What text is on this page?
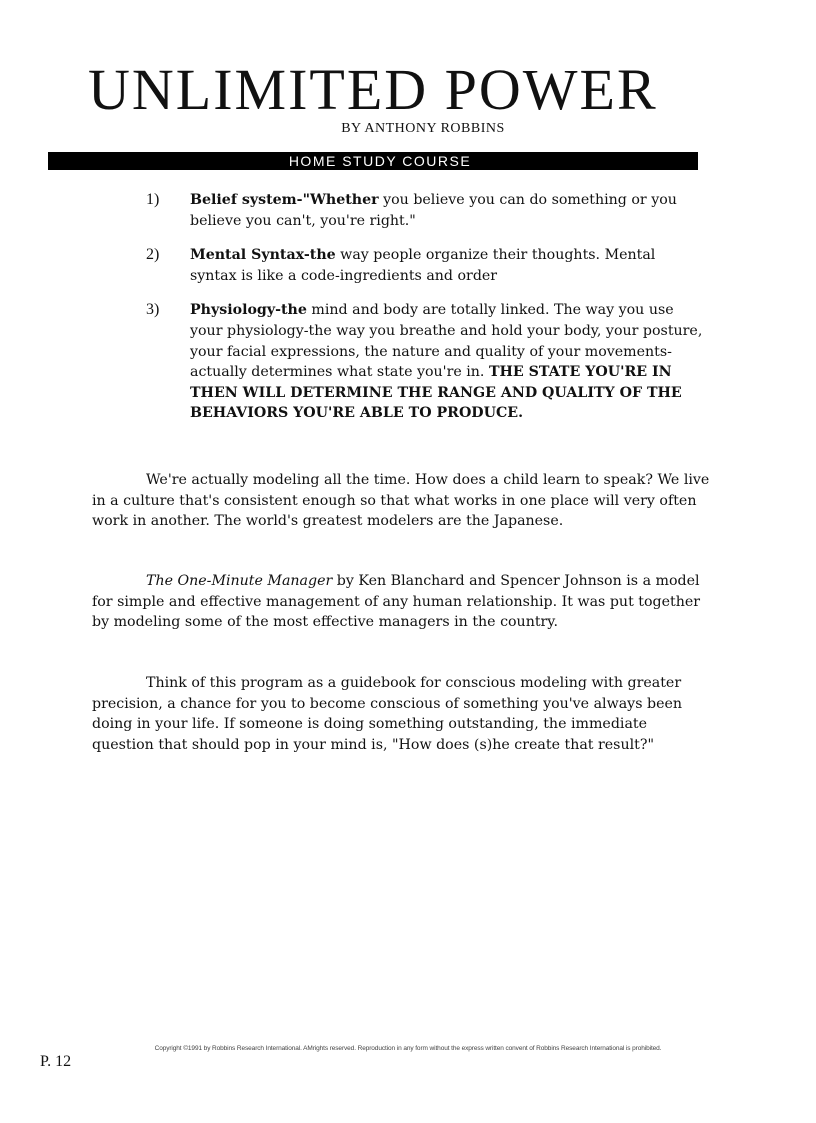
UNLIMITED POWER
BY ANTHONY ROBBINS
HOME STUDY COURSE
1) Belief system-"Whether you believe you can do something or you believe you can't, you're right."
2) Mental Syntax-the way people organize their thoughts. Mental syntax is like a code-ingredients and order
3) Physiology-the mind and body are totally linked. The way you use your physiology-the way you breathe and hold your body, your posture, your facial expressions, the nature and quality of your movements-actually determines what state you're in. THE STATE YOU'RE IN THEN WILL DETERMINE THE RANGE AND QUALITY OF THE BEHAVIORS YOU'RE ABLE TO PRODUCE.

We're actually modeling all the time. How does a child learn to speak? We live in a culture that's consistent enough so that what works in one place will very often work in another. The world's greatest modelers are the Japanese.

The One-Minute Manager by Ken Blanchard and Spencer Johnson is a model for simple and effective management of any human relationship. It was put together by modeling some of the most effective managers in the country.

Think of this program as a guidebook for conscious modeling with greater precision, a chance for you to become conscious of something you've always been doing in your life. If someone is doing something outstanding, the immediate question that should pop in your mind is, "How does (s)he create that result?"

Copyright ©1991 by Robbins Research International. AMrights reserved. Reproduction in any form without the express written convent of Robbins Research International is prohibited.
P. 12
